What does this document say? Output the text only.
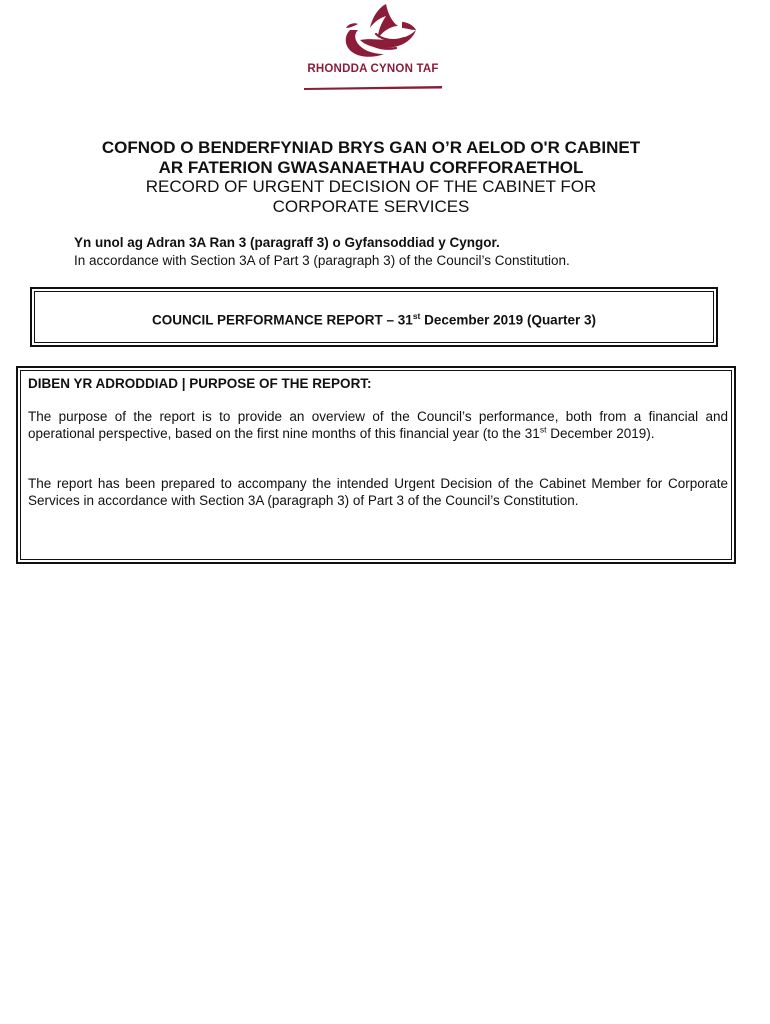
RHONDDA CYNON TAF
COFNOD O BENDERFYNIAD BRYS GAN O’R AELOD O'R CABINET
AR FATERION GWASANAETHAU CORFFORAETHOL
RECORD OF URGENT DECISION OF THE CABINET FOR
CORPORATE SERVICES
Yn unol ag Adran 3A Ran 3 (paragraff 3) o Gyfansoddiad y Cyngor.
In accordance with Section 3A of Part 3 (paragraph 3) of the Council’s Constitution.
COUNCIL PERFORMANCE REPORT – 31st December 2019 (Quarter 3)
DIBEN YR ADRODDIAD | PURPOSE OF THE REPORT:
The purpose of the report is to provide an overview of the Council’s performance, both from a financial and operational perspective, based on the first nine months of this financial year (to the 31st December 2019).
The report has been prepared to accompany the intended Urgent Decision of the Cabinet Member for Corporate Services in accordance with Section 3A (paragraph 3) of Part 3 of the Council’s Constitution.
